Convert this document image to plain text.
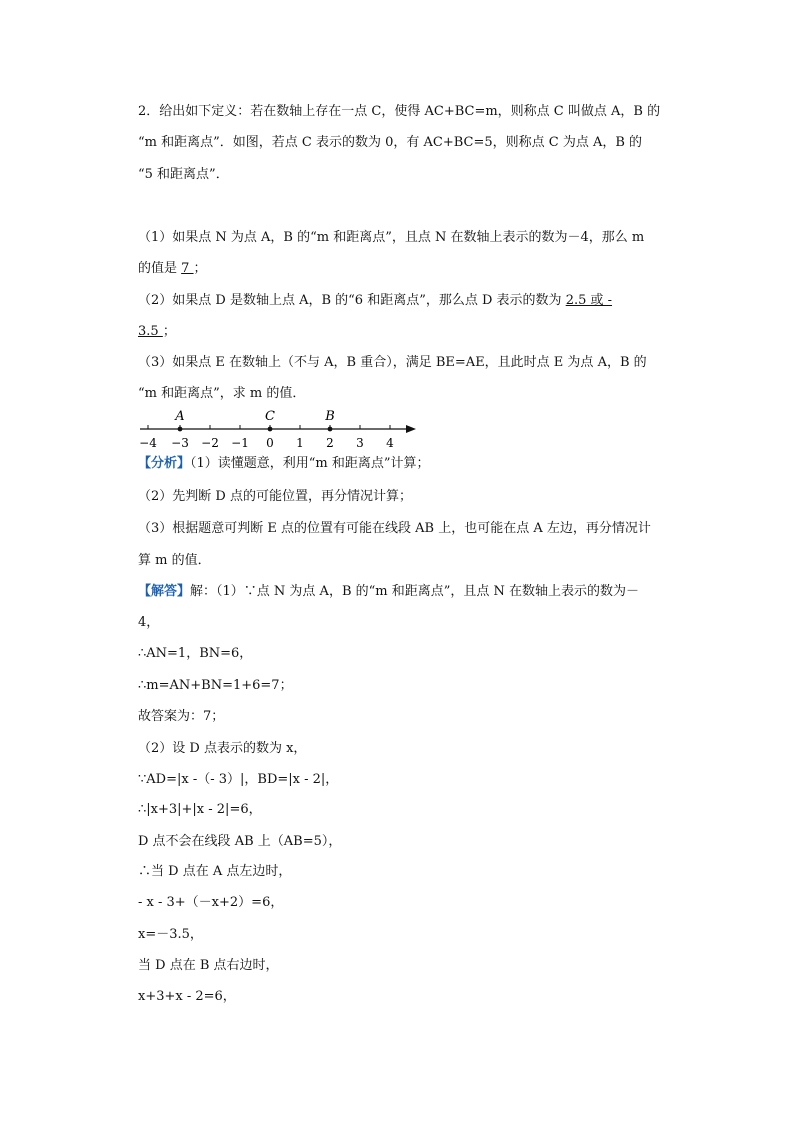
2．给出如下定义：若在数轴上存在一点 C，使得 AC+BC=m，则称点 C 叫做点 A，B 的
“m 和距离点”．如图，若点 C 表示的数为 0，有 AC+BC=5，则称点 C 为点 A，B 的
“5 和距离点”．
（1）如果点 N 为点 A，B 的“m 和距离点”，且点 N 在数轴上表示的数为－4，那么 m
的值是 7 ；
（2）如果点 D 是数轴上点 A，B 的“6 和距离点”，那么点 D 表示的数为 2.5 或 -
3.5 ；
（3）如果点 E 在数轴上（不与 A，B 重合），满足 BE=AE，且此时点 E 为点 A，B 的
“m 和距离点”，求 m 的值．
A	C	B
−4 −3 −2 −1 0 1 2 3 4
【分析】（1）读懂题意，利用“m 和距离点”计算；
（2）先判断 D 点的可能位置，再分情况计算；
（3）根据题意可判断 E 点的位置有可能在线段 AB 上，也可能在点 A 左边，再分情况计
算 m 的值．
【解答】解：（1）∵点 N 为点 A，B 的“m 和距离点”，且点 N 在数轴上表示的数为－
4，
∴AN=1，BN=6，
∴m=AN+BN=1+6=7；
故答案为：7；
（2）设 D 点表示的数为 x，
∵AD=|x -（- 3）|，BD=|x - 2|，
∴|x+3|+|x - 2|=6，
D 点不会在线段 AB 上（AB=5），
∴当 D 点在 A 点左边时，
- x - 3+（－x+2）=6，
x=－3.5，
当 D 点在 B 点右边时，
x+3+x - 2=6，
